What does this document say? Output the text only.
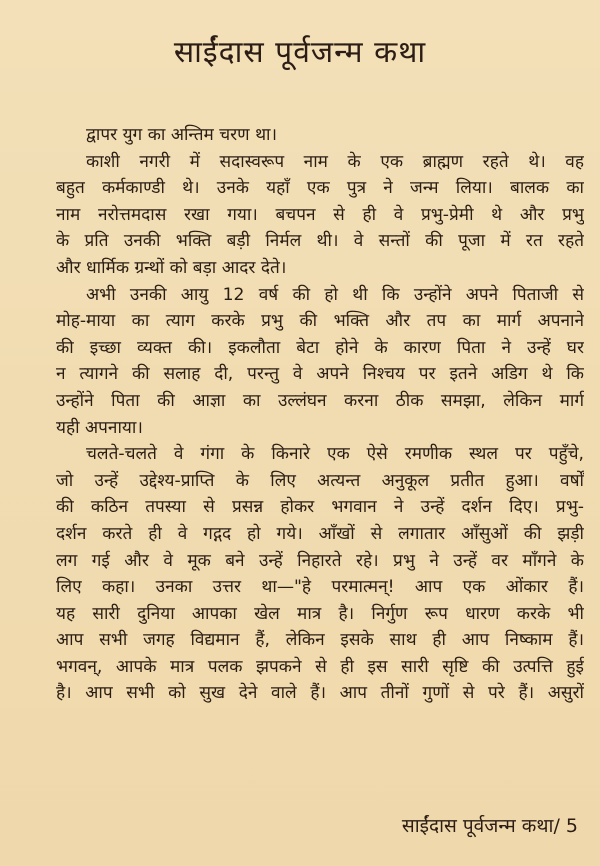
साईंदास पूर्वजन्म कथा
द्वापर युग का अन्तिम चरण था।
काशी नगरी में सदास्वरूप नाम के एक ब्राह्मण रहते थे। वह
बहुत कर्मकाण्डी थे। उनके यहाँ एक पुत्र ने जन्म लिया। बालक का
नाम नरोत्तमदास रखा गया। बचपन से ही वे प्रभु-प्रेमी थे और प्रभु
के प्रति उनकी भक्ति बड़ी निर्मल थी। वे सन्तों की पूजा में रत रहते
और धार्मिक ग्रन्थों को बड़ा आदर देते।
अभी उनकी आयु 12 वर्ष की हो थी कि उन्होंने अपने पिताजी से
मोह-माया का त्याग करके प्रभु की भक्ति और तप का मार्ग अपनाने
की इच्छा व्यक्त की। इकलौता बेटा होने के कारण पिता ने उन्हें घर
न त्यागने की सलाह दी, परन्तु वे अपने निश्चय पर इतने अडिग थे कि
उन्होंने पिता की आज्ञा का उल्लंघन करना ठीक समझा, लेकिन मार्ग
यही अपनाया।
चलते-चलते वे गंगा के किनारे एक ऐसे रमणीक स्थल पर पहुँचे,
जो उन्हें उद्देश्य-प्राप्ति के लिए अत्यन्त अनुकूल प्रतीत हुआ। वर्षों
की कठिन तपस्या से प्रसन्न होकर भगवान ने उन्हें दर्शन दिए। प्रभु-
दर्शन करते ही वे गद्गद हो गये। आँखों से लगातार आँसुओं की झड़ी
लग गई और वे मूक बने उन्हें निहारते रहे। प्रभु ने उन्हें वर माँगने के
लिए कहा। उनका उत्तर था—"हे परमात्मन्! आप एक ओंकार हैं।
यह सारी दुनिया आपका खेल मात्र है। निर्गुण रूप धारण करके भी
आप सभी जगह विद्यमान हैं, लेकिन इसके साथ ही आप निष्काम हैं।
भगवन्, आपके मात्र पलक झपकने से ही इस सारी सृष्टि की उत्पत्ति हुई
है। आप सभी को सुख देने वाले हैं। आप तीनों गुणों से परे हैं। असुरों
साईंदास पूर्वजन्म कथा/ 5
